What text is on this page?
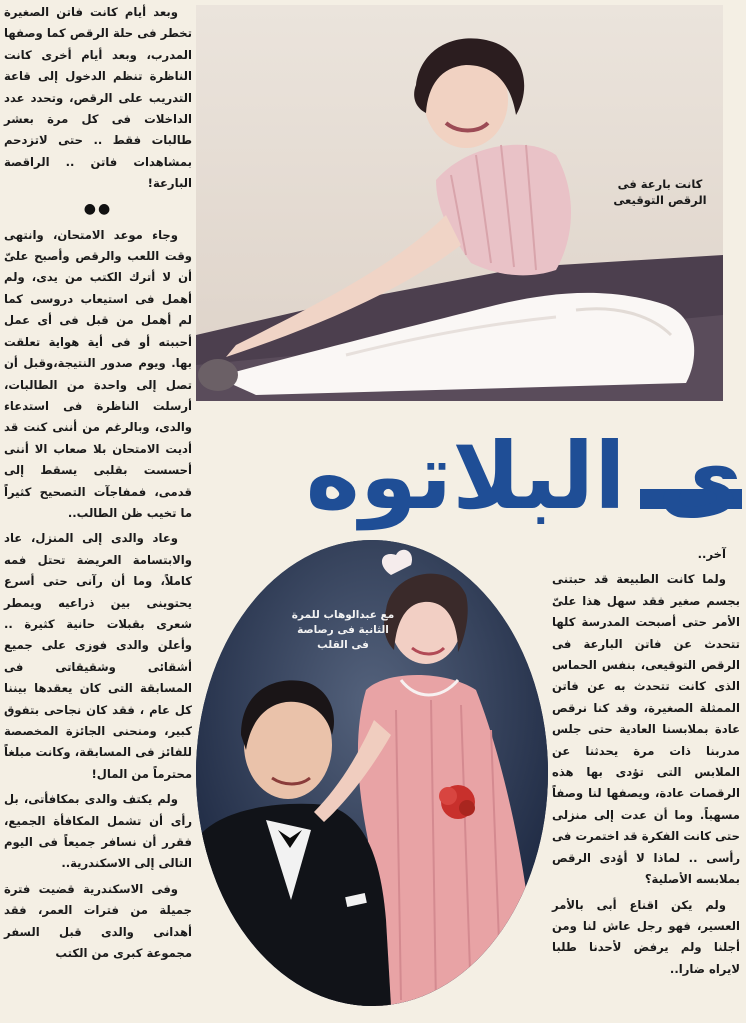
وبعد أيام كانت فاتن الصغيرة تخطر فى حلة الرقص كما وصفها المدرب، وبعد أيام أخرى كانت الناظرة تنظم الدخول إلى قاعة التدريب على الرقص، وتحدد عدد الداخلات فى كل مرة بعشر طالبات فقط .. حتى لاتزدحم بمشاهدات فاتن .. الراقصة البارعة!

●●

وجاء موعد الامتحان، وانتهى وقت اللعب والرقص وأصبح علىّ أن لا أترك الكتب من يدى، ولم أهمل فى استيعاب دروسى كما لم أهمل من قبل فى أى عمل أحببته أو فى أية هواية تعلقت بها. ويوم صدور النتيجة،وقبل أن تصل إلى واحدة من الطالبات، أرسلت الناظرة فى استدعاء والدى، وبالرغم من أننى كنت قد أديت الامتحان بلا صعاب الا أننى أحسست بقلبى يسقط إلى قدمى، فمفاجآت التصحيح كثيراً ما تخيب ظن الطالب..

وعاد والدى إلى المنزل، عاد والابتسامة العريضة تحتل فمه كاملاً، وما أن رآنى حتى أسرع يحتوينى بين ذراعيه ويمطر شعرى بقبلات حانية كثيرة .. وأعلن والدى فوزى على جميع أشقائى وشقيقاتى فى المسابقة التى كان يعقدها بيننا كل عام ، فقد كان نجاحى بتفوق كبير، ومنحنى الجائزة المخصصة للفائز فى المسابقة، وكانت مبلغاً محترماً من المال!

ولم يكتف والدى بمكافأتى، بل رأى أن تشمل المكافأة الجميع، فقرر أن نسافر جميعاً فى اليوم التالى إلى الاسكندرية..

وفى الاسكندرية قضيت فترة جميلة من فترات العمر، فقد أهدانى والدى قبل السفر مجموعة كبرى من الكتب

كانت بارعة فى الرقص التوقيعى
ى البلاتوه
مع عبدالوهاب للمرة الثانية فى رصاصة فى القلب

آخر..

ولما كانت الطبيعة قد حبتنى بجسم صغير فقد سهل هذا علىّ الأمر حتى أصبحت المدرسة كلها تتحدث عن فاتن البارعة فى الرقص التوقيعى، بنفس الحماس الذى كانت تتحدث به عن فاتن الممثلة الصغيرة، وقد كنا نرقص عادة بملابسنا العادية حتى جلس مدربنا ذات مرة يحدثنا عن الملابس التى تؤدى بها هذه الرقصات عادة، ويصفها لنا وصفاً مسهباً. وما أن عدت إلى منزلى حتى كانت الفكرة قد اختمرت فى رأسى .. لماذا لا أؤدى الرقص بملابسه الأصلية؟

ولم يكن اقناع أبى بالأمر العسير، فهو رجل عاش لنا ومن أجلنا ولم يرفض لأحدنا طلبا لايراه ضارا..
